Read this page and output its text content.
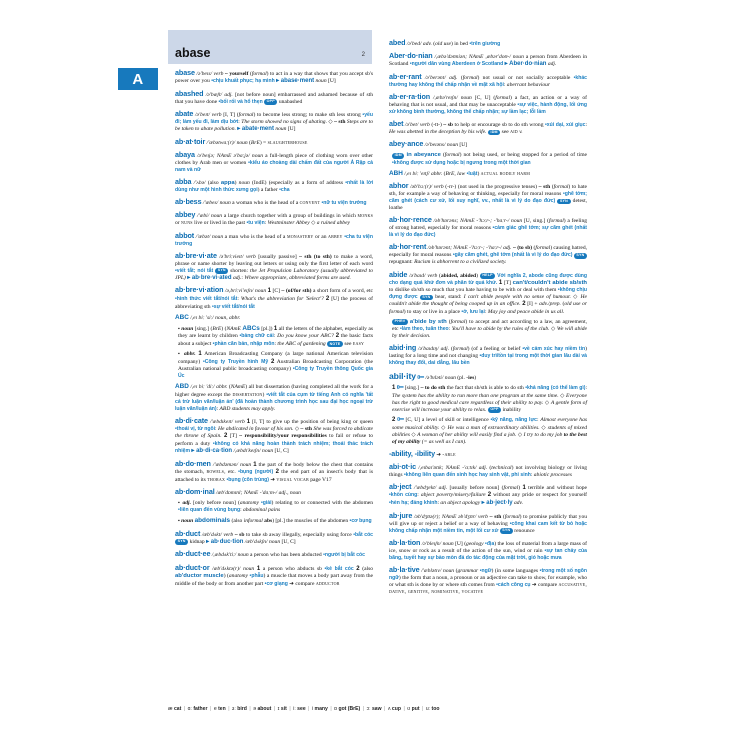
A
abase	2

abase /ə'beɪs/ verb ~ yourself (formal) to act in a way that shows that you accept sb's power over you •chịu khuất phục; hạ mình ▸ abase·ment noun [U]

abashed /ə'bæʃt/ adj. [not before noun] embarrassed and ashamed because of sth that you have done •bối rối và hổ thẹn OPP unabashed

abate /ə'beɪt/ verb [I, T] (formal) to become less strong; to make sth less strong •yếu đi; làm yếu đi, làm dịu bớt: The storm showed no signs of abating. ◇ ~ sth Steps are to be taken to abate pollution. ▸ abate·ment noun [U]

ab·at·toir /'æbətwɑː(r)/ noun (BrE) = slaughterhouse

abaya /ə'beɪjə; NAmE ə'bɑːjə/ noun a full-length piece of clothing worn over other clothes by Arab men or women •kiểu áo choàng dài chấm đất của người Ả Rập cả nam và nữ

abba /'ʌbə/ (also appa) noun (IndE) (especially as a form of address •nhất là lời dùng như một hình thức xưng gọi) a father •cha

ab·bess /'æbes/ noun a woman who is the head of a convent •nữ tu viện trưởng

abbey /'æbi/ noun a large church together with a group of buildings in which monks or nuns live or lived in the past •tu viện: Westminster Abbey ◇ a ruined abbey

abbot /'æbət/ noun a man who is the head of a monastery or an abbey •cha tu viện trưởng

ab·bre·vi·ate /ə'briːvieɪt/ verb [usually passive] ~ sth (to sth) to make a word, phrase or name shorter by leaving out letters or using only the first letter of each word •viết tắt; nói tắt SYN shorten: the Jet Propulsion Laboratory (usually abbreviated to JPL) ▸ ab·bre·vi·ated adj.: Where appropriate, abbreviated forms are used.

ab·bre·vi·ation /ə,briːvi'eɪʃn/ noun 1 [C] ~ (of/for sth) a short form of a word, etc •hình thức viết tắt/nói tắt: What's the abbreviation for 'Select'? 2 [U] the process of abbreviating sth •sự viết tắt/nói tắt

ABC /,eɪ biː 'siː/ noun, abbr.

▪ noun [sing.] (BrE) (NAmE ABCs [pl.]) 1 all the letters of the alphabet, especially as they are learnt by children •bảng chữ cái: Do you know your ABC? 2 the basic facts about a subject •phần căn bản, nhập môn: the ABC of gardening NOTE see easy

▪ abbr. 1 American Broadcasting Company (a large national American television company) •Công ty Truyền hình Mỹ 2 Australian Broadcasting Corporation (the Australian national public broadcasting company) •Công ty Truyền thông Quốc gia Úc

ABD /,eɪ biː 'diː/ abbr. (NAmE) all but dissertation (having completed all the work for a higher degree except the dissertation) •viết tắt của cụm từ tiếng Anh có nghĩa 'tất cả trừ luận văn/luận án' (đã hoàn thành chương trình học sau đại học ngoại trừ luận văn/luận án): ABD students may apply.

ab·di·cate /'æbdɪkeɪt/ verb 1 [I, T] to give up the position of being king or queen •thoái vị, từ ngôi: He abdicated in favour of his son. ◇ ~ sth She was forced to abdicate the throne of Spain. 2 [T] ~ responsibility/your responsibilities to fail or refuse to perform a duty •không có khả năng hoàn thành trách nhiệm; thoái thác trách nhiệm ▸ ab·di·ca·tion /,æbdɪ'keɪʃn/ noun [U, C]

ab·do·men /'æbdəmən/ noun 1 the part of the body below the chest that contains the stomach, bowels, etc. •bụng (người) 2 the end part of an insect's body that is attached to its thorax •bụng (côn trùng) ➔ visual vocab page V17

ab·dom·inal /æb'dɒmɪnl; NAmE -'dɑːm-/ adj., noun

▪ adj. [only before noun] (anatomy •giải) relating to or connected with the abdomen •liên quan đến vùng bụng: abdominal pains

▪ noun abdominals (also informal abs) [pl.] the muscles of the abdomen •cơ bụng

ab·duct /æb'dʌkt/ verb ~ sb to take sb away illegally, especially using force •bắt cóc SYN kidnap ▸ ab·duc·tion /æb'dʌkʃn/ noun [U, C]

ab·duct·ee /,æbdʌk'tiː/ noun a person who has been abducted •người bị bắt cóc

ab·duct·or /æb'dʌktə(r)/ noun 1 a person who abducts sb •kẻ bắt cóc 2 (also ab'ductor muscle) (anatomy •phẫu) a muscle that moves a body part away from the middle of the body or from another part •cơ giạng ➔ compare adductor

abed /ə'bed/ adv. (old use) in bed •trên giường

Aber·do·nian /,æbə'dəʊniən; NAmE ,æbər'doʊ-/ noun a person from Aberdeen in Scotland •người dân vùng Aberdeen ở Scotland ▸ Aber·do·nian adj.

ab·er·rant /ə'berənt/ adj. (formal) not usual or not socially acceptable •khác thường hay không thể chấp nhận về mặt xã hội: aberrant behaviour

ab·er·ra·tion /,æbə'reɪʃn/ noun [C, U] (formal) a fact, an action or a way of behaving that is not usual, and that may be unacceptable •sự việc, hành động, lối ứng xử không bình thường, không thể chấp nhận; sự lầm lạc; lỗi lầm

abet /ə'bet/ verb (-tt-) ~ sb to help or encourage sb to do sth wrong •xúi dại, xúi giục: He was abetted in the deception by his wife. IDM see aid v.

abey·ance /ə'beɪəns/ noun [U]

IDM in abeyance (formal) not being used, or being stopped for a period of time •không được sử dụng hoặc bị ngưng trong một thời gian

ABH /,eɪ biː 'eɪtʃ/ abbr. (BrE, law •luật) actual bodily harm

abhor /əb'hɔː(r)/ verb (-rr-) (not used in the progressive tenses) ~ sth (formal) to hate sth, for example a way of behaving or thinking, especially for moral reasons •ghê tởm; căm ghét (cách cư xử, lối suy nghĩ, vv., nhất là vì lý do đạo đức) SYN detest, loathe

ab·hor·rence /əb'hɒrəns; NAmE -'hɔːr-; -'hɑːr-/ noun [U, sing.] (formal) a feeling of strong hatred, especially for moral reasons •cảm giác ghê tởm; sự căm ghét (nhất là vì lý do đạo đức)

ab·hor·rent /əb'hɒrənt; NAmE -'hɔːr-; -'hɑːr-/ adj. ~ (to sb) (formal) causing hatred, especially for moral reasons •gây căm ghét, ghê tởm (nhất là vì lý do đạo đức) SYN repugnant: Racism is abhorrent to a civilized society.

abide /ə'baɪd/ verb (abided, abided) HELP Với nghĩa 2, abode cũng được dùng cho dạng quá khứ đơn và phân từ quá khứ. 1 [T] can't/couldn't abide sb/sth to dislike sb/sth so much that you hate having to be with or deal with them •không chịu đựng được SYN bear, stand: I can't abide people with no sense of humour. ◇ He couldn't abide the thought of being cooped up in an office. 2 [I] + adv./prep. (old use or formal) to stay or live in a place •ở, lưu lại: May joy and peace abide in us all.

PHRV a'bide by sth (formal) to accept and act according to a law, an agreement, etc •làm theo, tuân theo: You'll have to abide by the rules of the club. ◇ We will abide by their decision.

abid·ing /ə'baɪdɪŋ/ adj. (formal) (of a feeling or belief •về cảm xúc hay niềm tin) lasting for a long time and not changing •duy trì/tồn tại trong một thời gian lâu dài và không thay đổi, dai dẳng, lâu bền

abil·ity 0━ /ə'bɪləti/ noun (pl. -ies)

1 0━ [sing.] ~ to do sth the fact that sb/sth is able to do sth •khả năng (có thể làm gì): The system has the ability to run more than one program at the same time. ◇ Everyone has the right to good medical care regardless of their ability to pay. ◇ A gentle form of exercise will increase your ability to relax. OPP inability

2 0━ [C, U] a level of skill or intelligence •kỹ năng, năng lực: Almost everyone has some musical ability. ◇ He was a man of extraordinary abilities. ◇ students of mixed abilities ◇ A woman of her ability will easily find a job. ◇ I try to do my job to the best of my ability (= as well as I can).

-ability, -ibility ➔ -able

abi·ot·ic /,eɪbaɪ'ɒtɪk; NAmE -'ɑːtɪk/ adj. (technical) not involving biology or living things •không liên quan đến sinh học hay sinh vật, phi sinh: abiotic processes

ab·ject /'æbdʒekt/ adj. [usually before noun] (formal) 1 terrible and without hope •khốn cùng: abject poverty/misery/failure 2 without any pride or respect for yourself •hèn hạ; đáng khinh: an abject apology ▸ ab·ject·ly adv.

ab·jure /əb'dʒʊə(r); NAmE əb'dʒʊr/ verb ~ sth (formal) to promise publicly that you will give up or reject a belief or a way of behaving •công khai cam kết từ bỏ hoặc không chấp nhận một niềm tin, một lối cư xử SYN renounce

ab·la·tion /ə'bleɪʃn/ noun [U] (geology •địa) the loss of material from a large mass of ice, snow or rock as a result of the action of the sun, wind or rain •sự tan chảy của băng, tuyết hay sự bào mòn đá do tác động của mặt trời, gió hoặc mưa

ab·la·tive /'æblətɪv/ noun (grammar •ngữ) (in some languages •trong một số ngôn ngữ) the form that a noun, a pronoun or an adjective can take to show, for example, who or what sth is done by or where sth comes from •cách công cụ ➔ compare accusative, dative, genitive, nominative, vocative

æ cat | ɑː father | e ten | ɜː bird | ə about | ɪ sit | iː see | i many | ɒ got (BrE) | ɔː saw | ʌ cup | ʊ put | uː too
